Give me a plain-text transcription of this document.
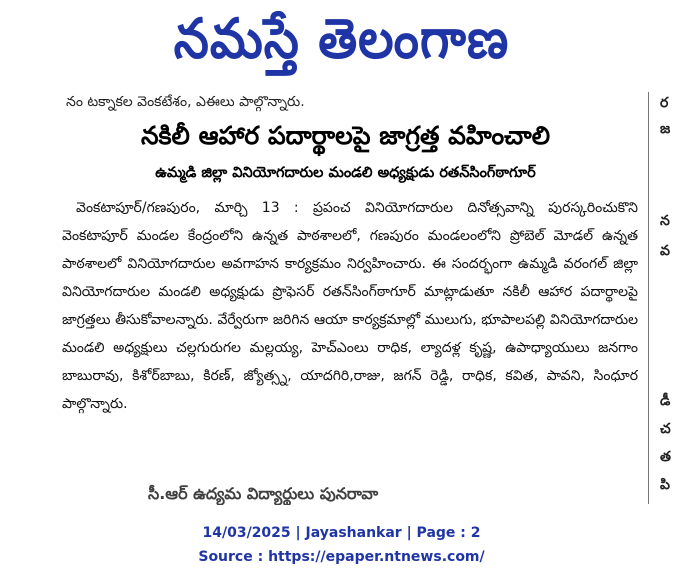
నమస్తే తెలంగాణ
నం టక్నాకల వెంకటేశం, ఎఈలు పాల్గొన్నారు.
నకిలీ ఆహార పదార్థాలపై జాగ్రత్త వహించాలి
ఉమ్మడి జిల్లా వినియోగదారుల మండలి అధ్యక్షుడు రతన్‌సింగ్‌ఠాగూర్

వెంకటాపూర్/గణపురం, మార్చి 13 : ప్రపంచ వినియోగదారుల దినోత్సవాన్ని పురస్కరించుకొని వెంకటాపూర్ మండల కేంద్రంలోని ఉన్నత పాఠశాలలో, గణపురం మండలంలోని ప్రోబెల్ మోడల్ ఉన్నత పాఠశాలలో వినియోగదారుల అవగాహన కార్యక్రమం నిర్వహించారు. ఈ సందర్భంగా ఉమ్మడి వరంగల్ జిల్లా వినియోగదారుల మండలి అధ్యక్షుడు ప్రొఫెసర్ రతన్‌సింగ్‌ఠాగూర్ మాట్లాడుతూ నకిలీ ఆహార పదార్థాలపై జాగ్రత్తలు తీసుకోవాలన్నారు. వేర్వేరుగా జరిగిన ఆయా కార్యక్రమాల్లో ములుగు, భూపాలపల్లి వినియోగదారుల మండలి అధ్యక్షులు చల్లగురుగల మల్లయ్య, హెచ్ఎంలు రాధిక, ల్యాదళ్ల కృష్ణ, ఉపాధ్యాయులు జనగాం బాబురావు, కిశోర్‌బాబు, కిరణ్, జ్యోత్స్న, యాదగిరి,రాజు, జగన్ రెడ్డి, రాధిక, కవిత, పావని, సింధూర పాల్గొన్నారు.

సీ.ఆర్ ఉద్యమ విద్యార్థులు పునరావా
ర
జ
న
వ
డీ
చ
త
పి
14/03/2025 | Jayashankar | Page : 2
Source : https://epaper.ntnews.com/
